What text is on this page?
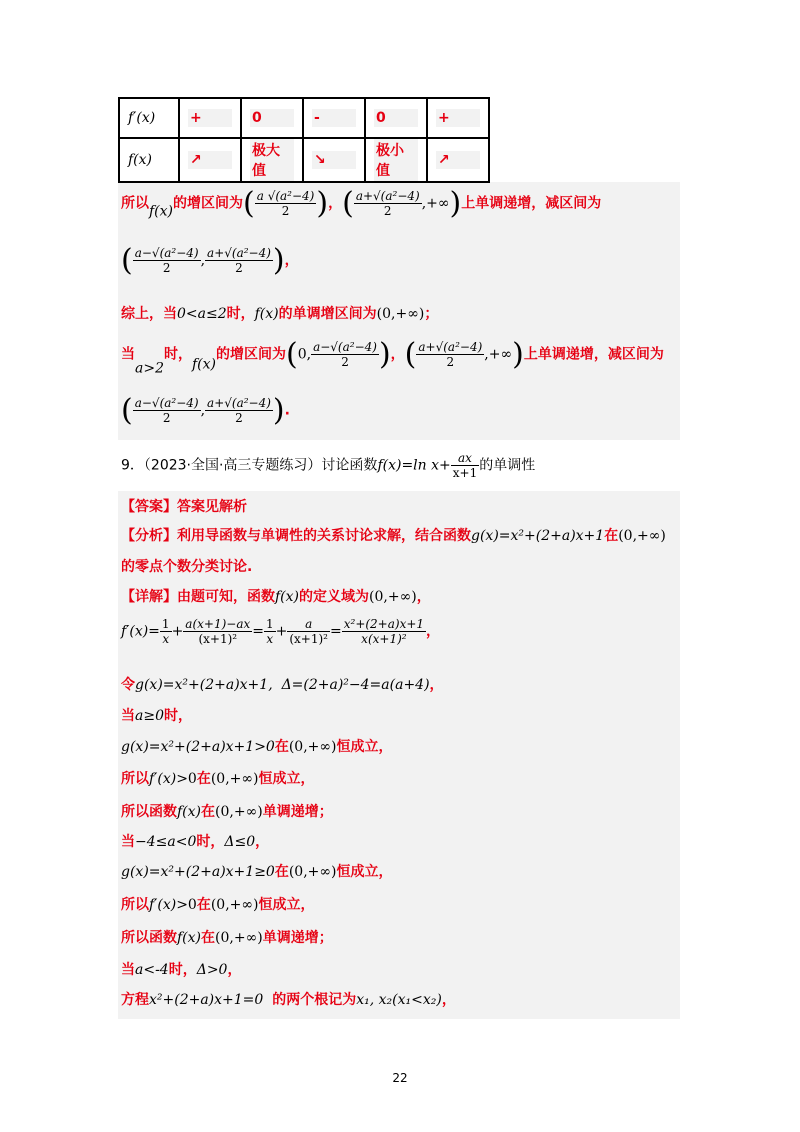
f′(x)	+	0	-	0	+
f(x)	↗	极大值	↘	极小值	↗
所以f(x)的增区间为( $\frac{\text{a √(a²−4)}}{2}$ )，( $\frac{\text{a+√(a²−4)}}{2}$ ,+∞)上单调递增，减区间为
( $\frac{\text{a−√(a²−4)}}{2}$ , $\frac{\text{a+√(a²−4)}}{2}$ )，
综上，当0<a≤2时，f(x)的单调增区间为(0,+∞)；
当a>2时，f(x)的增区间为(0, $\frac{\text{a−√(a²−4)}}{2}$ )，( $\frac{\text{a+√(a²−4)}}{2}$ ,+∞)上单调递增，减区间为
( $\frac{\text{a−√(a²−4)}}{2}$ , $\frac{\text{a+√(a²−4)}}{2}$ ).
9．（2023·全国·高三专题练习）讨论函数f(x)=ln $x+ \frac{ax}{x+1}$ 的单调性
【答案】答案见解析
【分析】利用导函数与单调性的关系讨论求解，结合函数g(x)=x²+(2+a)x+1在(0,+∞)
的零点个数分类讨论.
【详解】由题可知，函数f(x)的定义域为(0,+∞)，
$f'(x)= \frac{1}{x} + \frac{a(x+1)-ax}{\text{(x+1)²}} = \frac{1}{x} + \frac{a}{\text{(x+1)²}} = \frac{\text{x²+(2+a)x+1}}{\text{x(x+1)²}}$ ，
令g(x)=x²+(2+a)x+1, Δ=(2+a)²−4=a(a+4)，
当a≥0时，
g(x)=x²+(2+a)x+1>0在(0,+∞)恒成立，
所以f′(x)>0在(0,+∞)恒成立，
所以函数f(x)在(0,+∞)单调递增；
当−4≤a<0时，Δ≤0，
g(x)=x²+(2+a)x+1≥0在(0,+∞)恒成立，
所以f′(x)>0在(0,+∞)恒成立，
所以函数f(x)在(0,+∞)单调递增；
当a<-4时，Δ>0，
方程x²+(2+a)x+1=0 的两个根记为x₁, x₂(x₁<x₂)，
22
